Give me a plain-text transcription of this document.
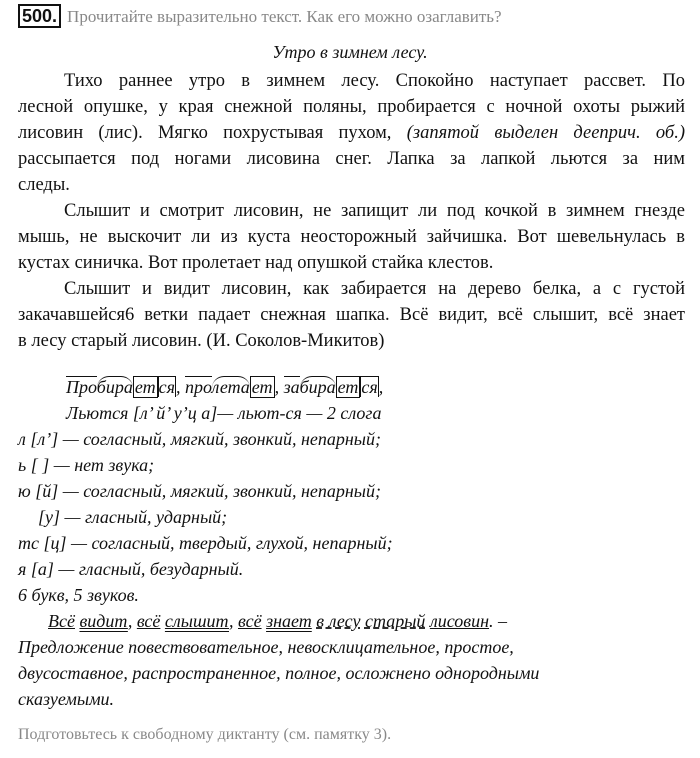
500. Прочитайте выразительно текст. Как его можно озаглавить?
Утро в зимнем лесу.
Тихо раннее утро в зимнем лесу. Спокойно наступает рассвет. По
лесной опушке, у края снежной поляны, пробирается с ночной охоты рыжий
лисовин (лис). Мягко похрустывая пухом, (запятой выделен дееприч. об.)
рассыпается под ногами лисовина снег. Лапка за лапкой льются за ним
следы.
Слышит и смотрит лисовин, не запищит ли под кочкой в зимнем гнезде
мышь, не выскочит ли из куста неосторожный зайчишка. Вот шевельнулась в
кустах синичка. Вот пролетает над опушкой стайка клестов.
Слышит и видит лисовин, как забирается на дерево белка, а с густой
закачавшейся6 ветки падает снежная шапка. Всё видит, всё слышит, всё знает
в лесу старый лисовин. (И. Соколов-Микитов)
Пробира ет ся, пролета ет , забира ет ся,
Льются [л’ й’ у’ц а]— льют-ся — 2 слога
л [л’] — согласный, мягкий, звонкий, непарный;
ь [ ] — нет звука;
ю [й] — согласный, мягкий, звонкий, непарный;
[у] — гласный, ударный;
тс [ц] — согласный, твердый, глухой, непарный;
я [а] — гласный, безударный.
6 букв, 5 звуков.
Всё видит, всё слышит, всё знает в лесу старый лисовин. –
Предложение повествовательное, невосклицательное, простое,
двусоставное, распространенное, полное, осложнено однородными
сказуемыми.
Подготовьтесь к свободному диктанту (см. памятку 3).
